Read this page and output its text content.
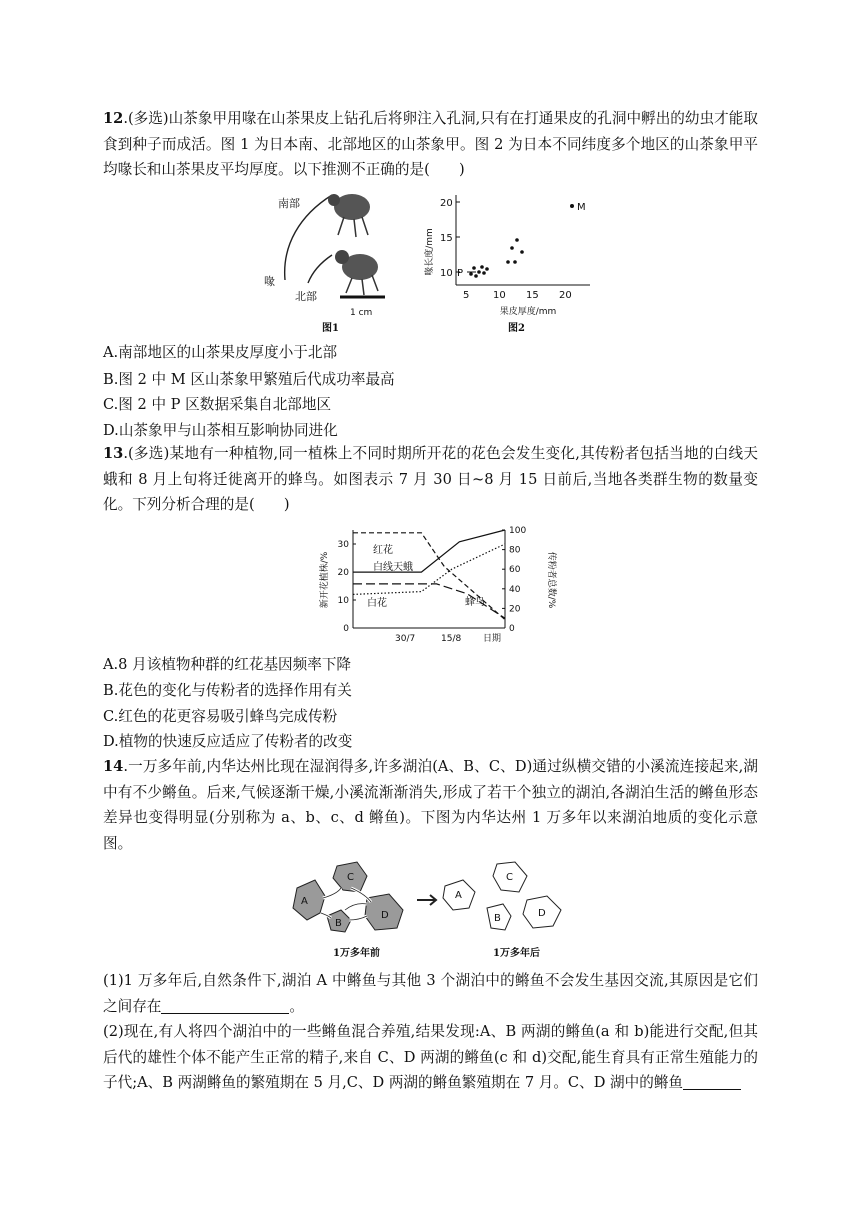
12.(多选)山茶象甲用喙在山茶果皮上钻孔后将卵注入孔洞,只有在打通果皮的孔洞中孵出的幼虫才能取食到种子而成活。图 1 为日本南、北部地区的山茶象甲。图 2 为日本不同纬度多个地区的山茶象甲平均喙长和山茶果皮平均厚度。以下推测不正确的是(　　)

南部
喙
北部
1 cm
图1
喙长度/mm
20
15
10
5 10 15 20
P
M
果皮厚度/mm
图2

A.南部地区的山茶果皮厚度小于北部

B.图 2 中 M 区山茶象甲繁殖后代成功率最高

C.图 2 中 P 区数据采集自北部地区

D.山茶象甲与山茶相互影响协同进化

13.(多选)某地有一种植物,同一植株上不同时期所开花的花色会发生变化,其传粉者包括当地的白线天蛾和 8 月上旬将迁徙离开的蜂鸟。如图表示 7 月 30 日~8 月 15 日前后,当地各类群生物的数量变化。下列分析合理的是(　　)

新开花植株/%	传粉者总数/%
0
10
20
30
0
20
40
60
80
100
红花
白线天蛾
白花	蜂鸟
30/7	15/8 日期

A.8 月该植物种群的红花基因频率下降

B.花色的变化与传粉者的选择作用有关

C.红色的花更容易吸引蜂鸟完成传粉

D.植物的快速反应适应了传粉者的改变

14.一万多年前,内华达州比现在湿润得多,许多湖泊(A、B、C、D)通过纵横交错的小溪流连接起来,湖中有不少鳉鱼。后来,气候逐渐干燥,小溪流渐渐消失,形成了若干个独立的湖泊,各湖泊生活的鳉鱼形态差异也变得明显(分别称为 a、b、c、d 鳉鱼)。下图为内华达州 1 万多年以来湖泊地质的变化示意图。

A
B
C
D
A
B
C
D
1万多年前	1万多年后

(1)1 万多年后,自然条件下,湖泊 A 中鳉鱼与其他 3 个湖泊中的鳉鱼不会发生基因交流,其原因是它们之间存在	。

(2)现在,有人将四个湖泊中的一些鳉鱼混合养殖,结果发现:A、B 两湖的鳉鱼(a 和 b)能进行交配,但其后代的雄性个体不能产生正常的精子,来自 C、D 两湖的鳉鱼(c 和 d)交配,能生育具有正常生殖能力的子代;A、B 两湖鳉鱼的繁殖期在 5 月,C、D 两湖的鳉鱼繁殖期在 7 月。C、D 湖中的鳉鱼
